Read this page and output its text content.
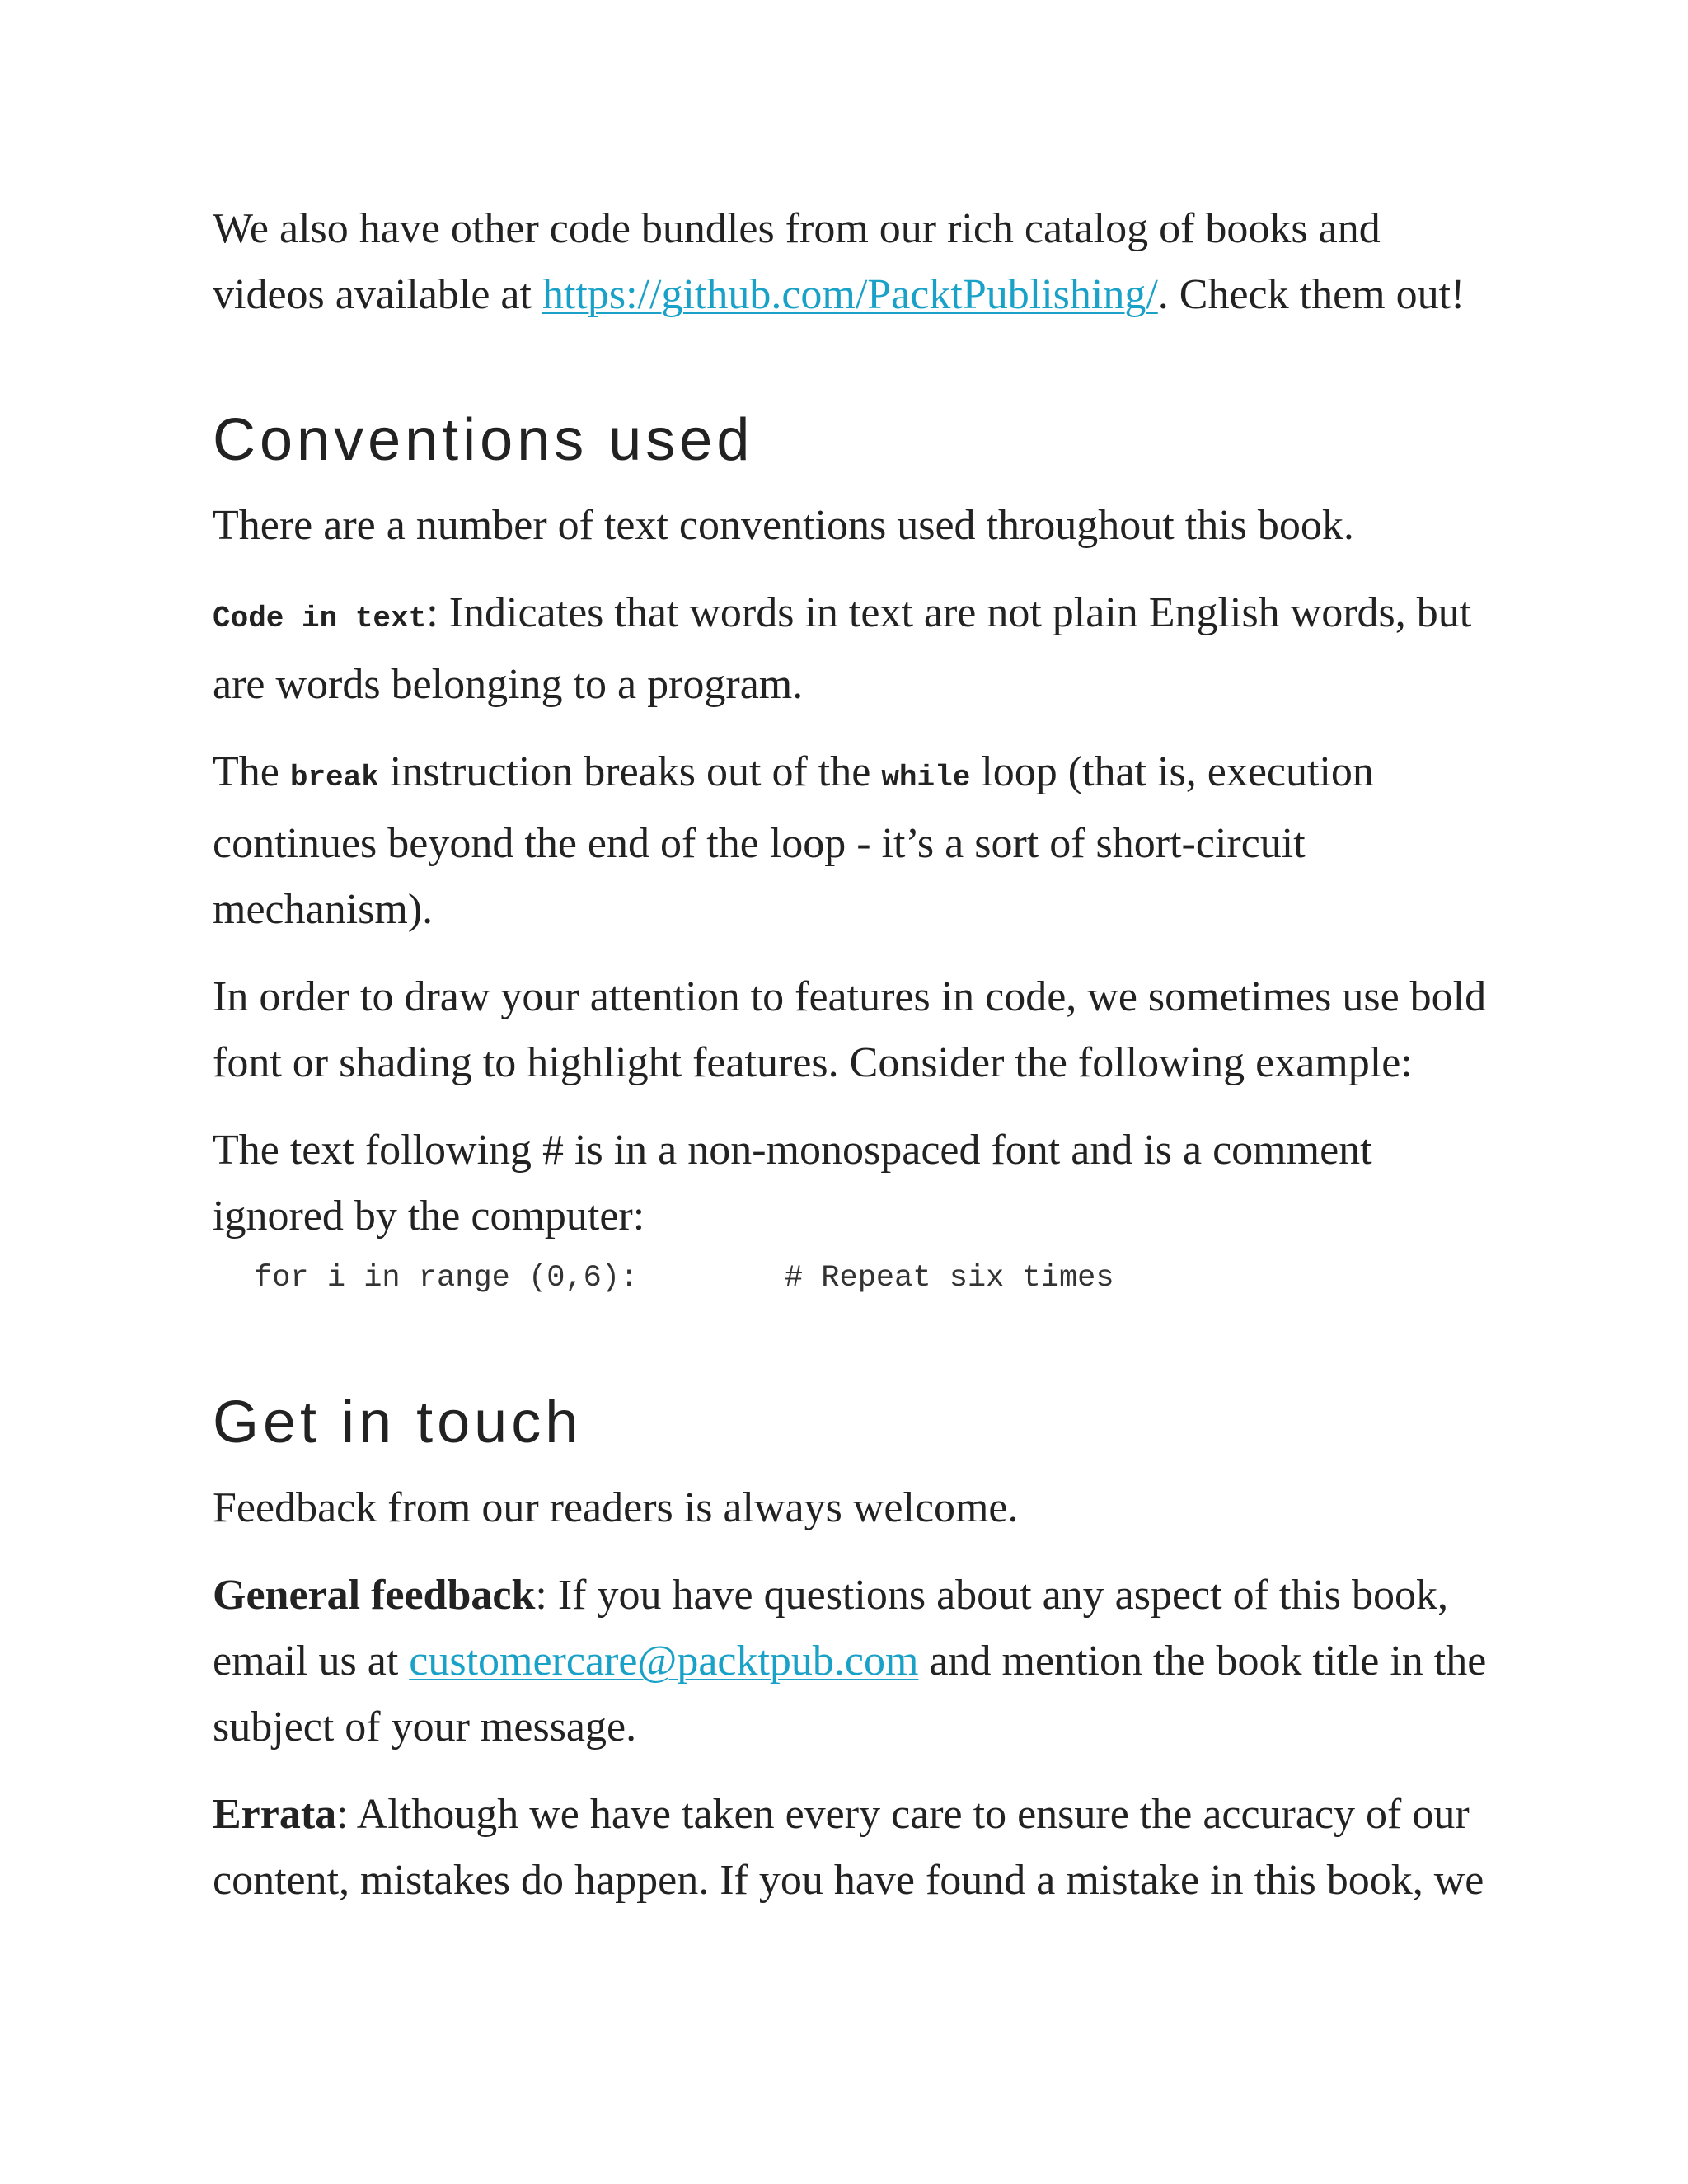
We also have other code bundles from our rich catalog of books and videos available at https://github.com/PacktPublishing/. Check them out!

Conventions used

There are a number of text conventions used throughout this book.

Code in text: Indicates that words in text are not plain English words, but are words belonging to a program.

The break instruction breaks out of the while loop (that is, execution continues beyond the end of the loop - it’s a sort of short-circuit mechanism).

In order to draw your attention to features in code, we sometimes use bold font or shading to highlight features. Consider the following example:

The text following # is in a non-monospaced font and is a comment ignored by the computer:

for i in range (0,6):        # Repeat six times
Get in touch

Feedback from our readers is always welcome.

General feedback: If you have questions about any aspect of this book, email us at customercare@packtpub.com and mention the book title in the subject of your message.

Errata: Although we have taken every care to ensure the accuracy of our content, mistakes do happen. If you have found a mistake in this book, we
